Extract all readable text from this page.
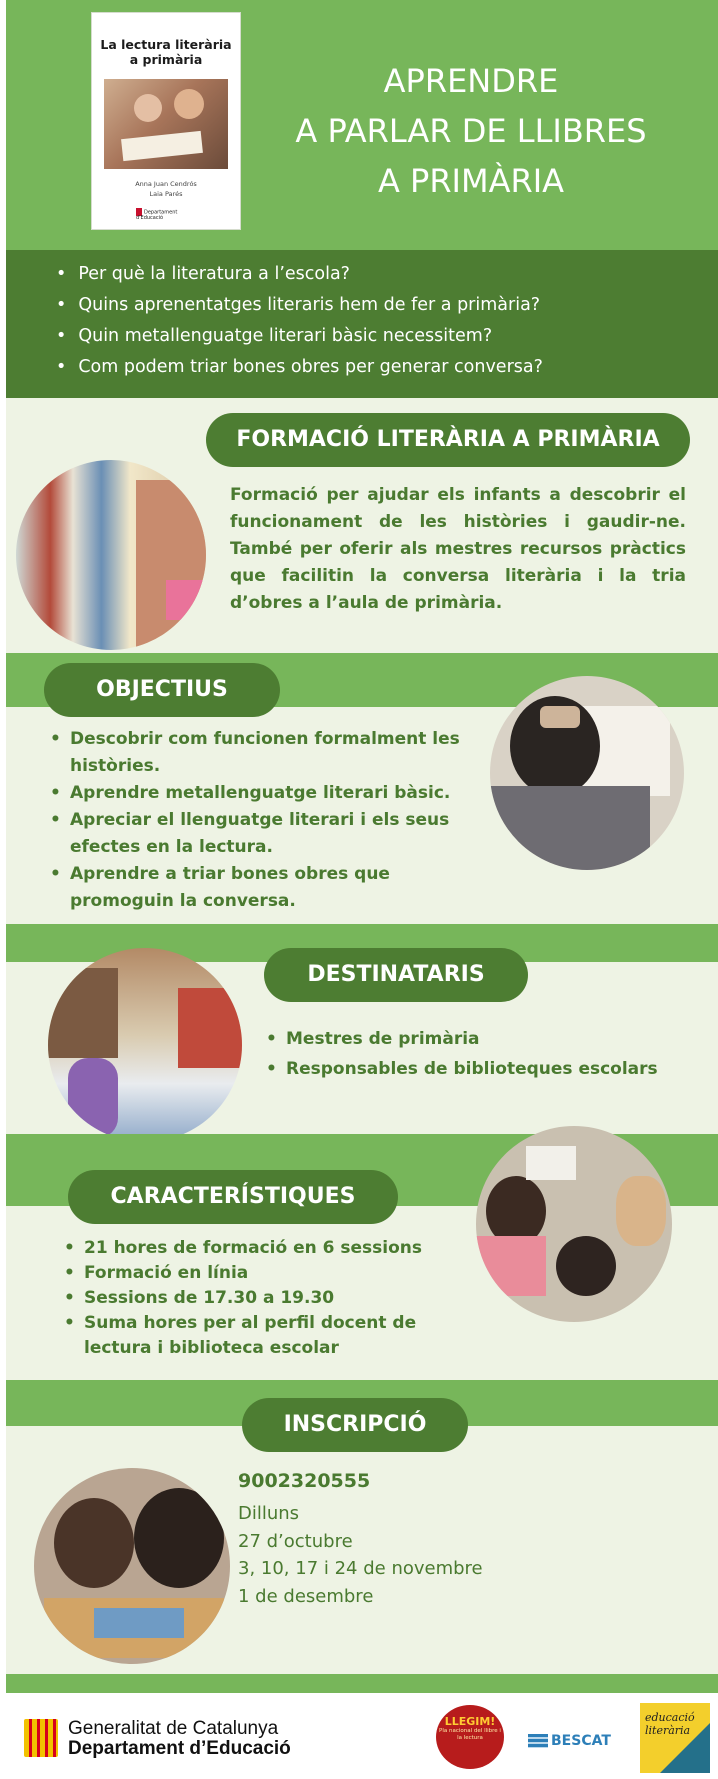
La lectura literària a primària
Anna Juan Cendrós
Laia Parés
Departament d'Educació
APRENDRE
A PARLAR DE LLIBRES
A PRIMÀRIA
• Per què la literatura a l’escola?
• Quins aprenentatges literaris hem de fer a primària?
• Quin metallenguatge literari bàsic necessitem?
• Com podem triar bones obres per generar conversa?
FORMACIÓ LITERÀRIA A PRIMÀRIA
Formació per ajudar els infants a descobrir el funcionament de les històries i gaudir-ne. També per oferir als mestres recursos pràctics que facilitin la conversa literària i la tria d’obres a l’aula de primària.
OBJECTIUS
• Descobrir com funcionen formalment les històries.
• Aprendre metallenguatge literari bàsic.
• Apreciar el llenguatge literari i els seus efectes en la lectura.
• Aprendre a triar bones obres que promoguin la conversa.
DESTINATARIS
• Mestres de primària
• Responsables de biblioteques escolars
CARACTERÍSTIQUES
• 21 hores de formació en 6 sessions
• Formació en línia
• Sessions de 17.30 a 19.30
• Suma hores per al perfil docent de lectura i biblioteca escolar
INSCRIPCIÓ
9002320555
Dilluns
27 d’octubre
3, 10, 17 i 24 de novembre
1 de desembre
Generalitat de Catalunya
Departament d’Educació
LLEGIM!
Pla nacional del llibre i la lectura	BESCAT
educació literària
